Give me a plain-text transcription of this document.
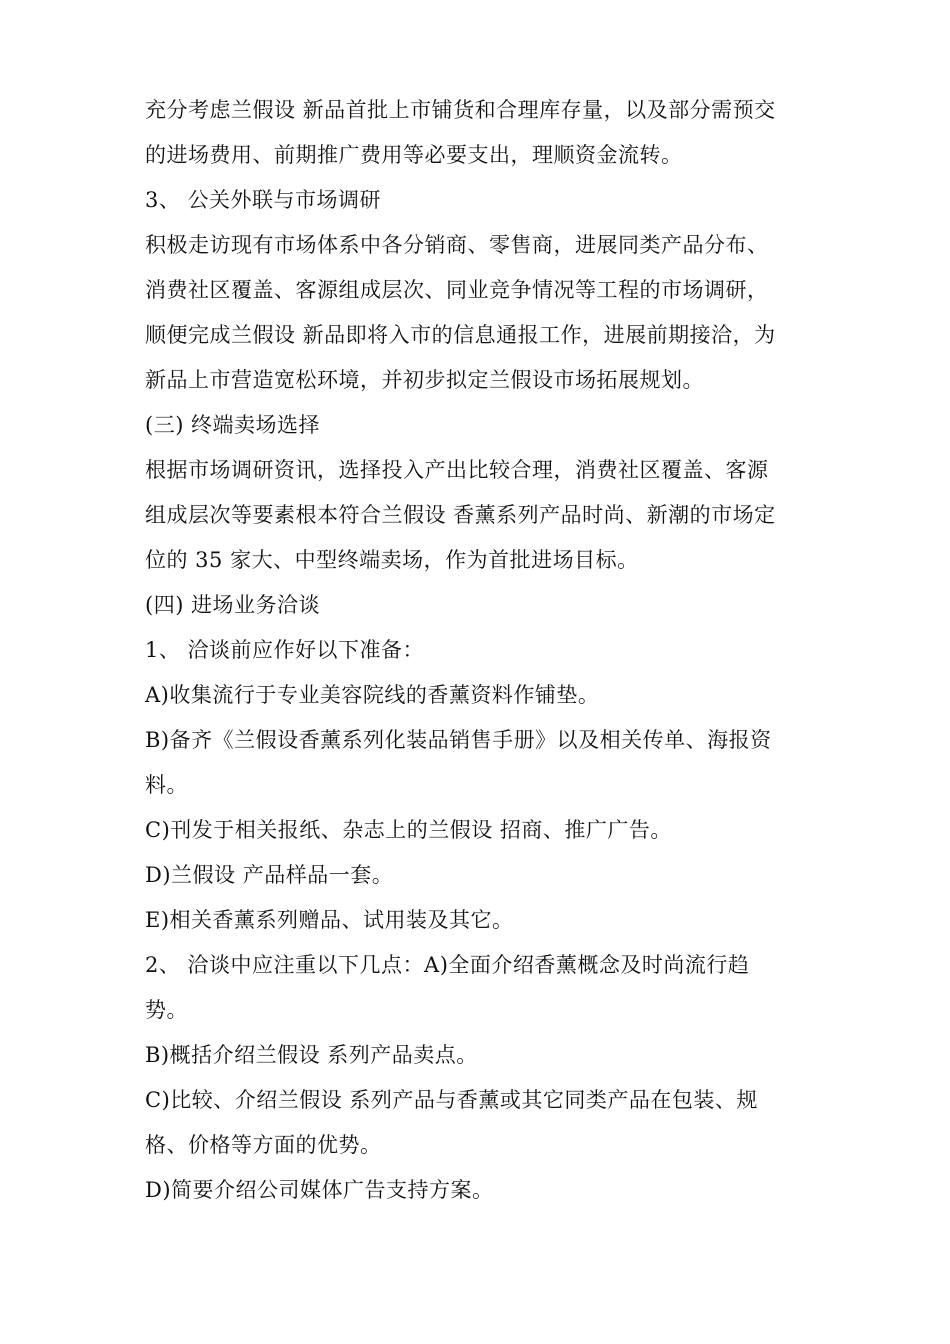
充分考虑兰假设 新品首批上市铺货和合理库存量，以及部分需预交
的进场费用、前期推广费用等必要支出，理顺资金流转。
3、 公关外联与市场调研
积极走访现有市场体系中各分销商、零售商，进展同类产品分布、
消费社区覆盖、客源组成层次、同业竞争情况等工程的市场调研，
顺便完成兰假设 新品即将入市的信息通报工作，进展前期接洽，为
新品上市营造宽松环境，并初步拟定兰假设市场拓展规划。
(三) 终端卖场选择
根据市场调研资讯，选择投入产出比较合理，消费社区覆盖、客源
组成层次等要素根本符合兰假设 香薰系列产品时尚、新潮的市场定
位的 35 家大、中型终端卖场，作为首批进场目标。
(四) 进场业务洽谈
1、 洽谈前应作好以下准备：
A)收集流行于专业美容院线的香薰资料作铺垫。
B)备齐《兰假设香薰系列化装品销售手册》以及相关传单、海报资
料。
C)刊发于相关报纸、杂志上的兰假设 招商、推广广告。
D)兰假设 产品样品一套。
E)相关香薰系列赠品、试用装及其它。
2、 洽谈中应注重以下几点：A)全面介绍香薰概念及时尚流行趋
势。
B)概括介绍兰假设 系列产品卖点。
C)比较、介绍兰假设 系列产品与香薰或其它同类产品在包装、规
格、价格等方面的优势。
D)简要介绍公司媒体广告支持方案。
